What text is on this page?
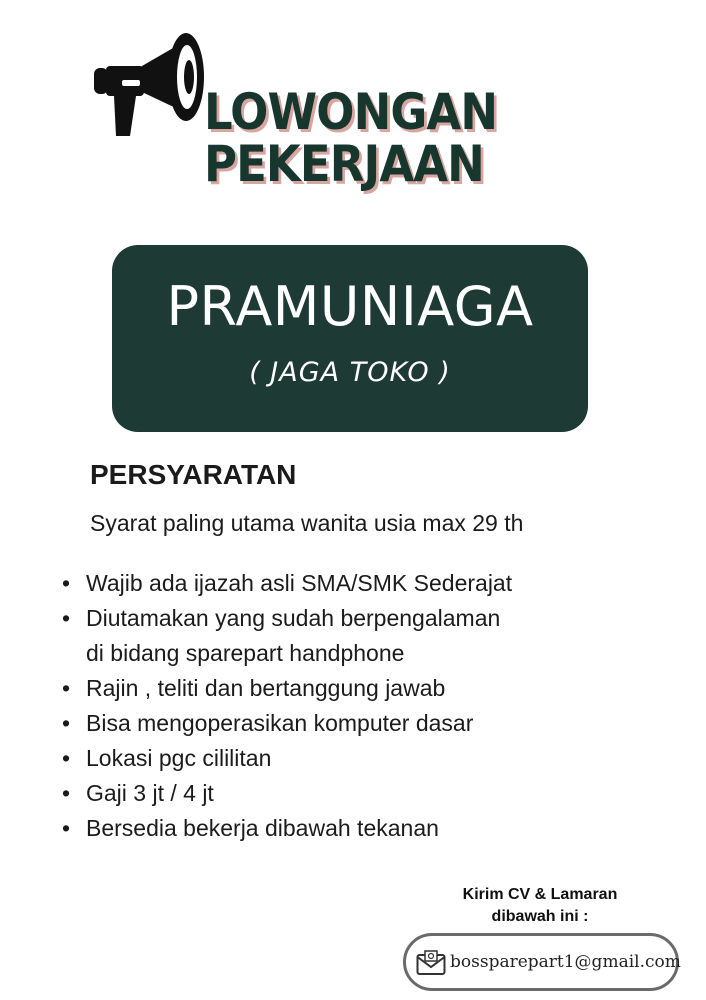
LOWONGAN
PEKERJAAN
PRAMUNIAGA
( JAGA TOKO )
PERSYARATAN
Syarat paling utama wanita usia max 29 th
• Wajib ada ijazah asli SMA/SMK Sederajat
• Diutamakan yang sudah berpengalaman
di bidang sparepart handphone
• Rajin , teliti dan bertanggung jawab
• Bisa mengoperasikan komputer dasar
• Lokasi pgc cililitan
• Gaji 3 jt / 4 jt
• Bersedia bekerja dibawah tekanan
Kirim CV & Lamaran
dibawah ini :
bossparepart1@gmail.com
